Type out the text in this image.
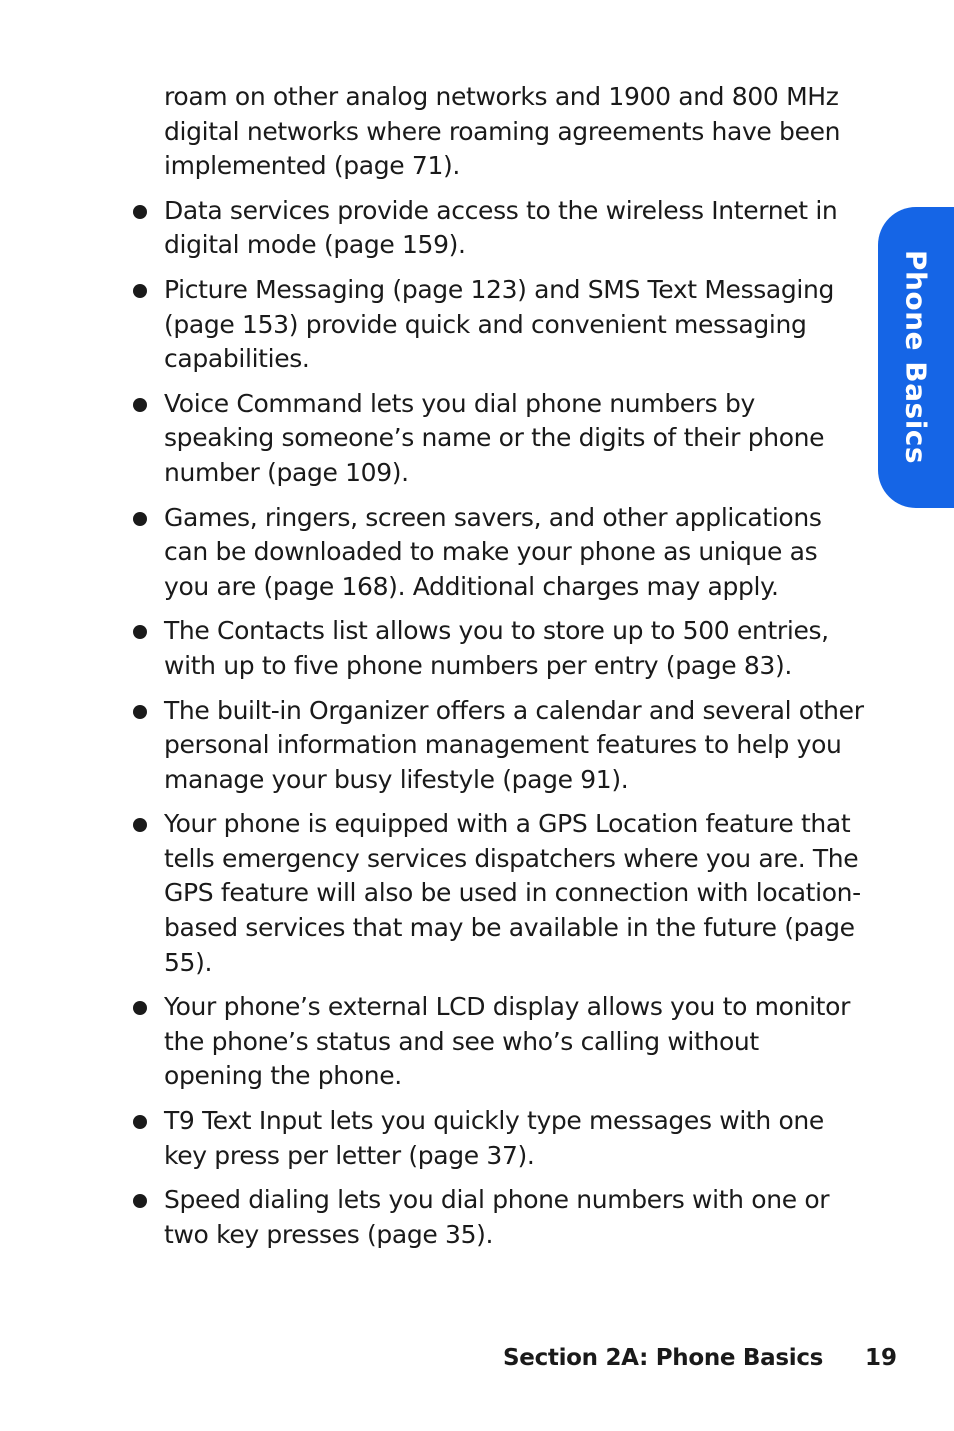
roam on other analog networks and 1900 and 800 MHz digital networks where roaming agreements have been implemented (page 71).

Data services provide access to the wireless Internet in digital mode (page 159).
Picture Messaging (page 123) and SMS Text Messaging (page 153) provide quick and convenient messaging capabilities.
Voice Command lets you dial phone numbers by speaking someone’s name or the digits of their phone number (page 109).
Games, ringers, screen savers, and other applications can be downloaded to make your phone as unique as you are (page 168). Additional charges may apply.
The Contacts list allows you to store up to 500 entries, with up to five phone numbers per entry (page 83).
The built-in Organizer offers a calendar and several other personal information management features to help you manage your busy lifestyle (page 91).
Your phone is equipped with a GPS Location feature that tells emergency services dispatchers where you are. The GPS feature will also be used in connection with location-based services that may be available in the future (page 55).
Your phone’s external LCD display allows you to monitor the phone’s status and see who’s calling without opening the phone.
T9 Text Input lets you quickly type messages with one key press per letter (page 37).
Speed dialing lets you dial phone numbers with one or two key presses (page 35).
Phone Basics
Section 2A: Phone Basics 19
